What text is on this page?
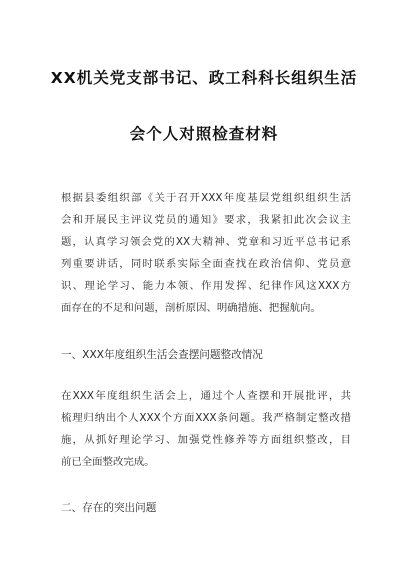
XX机关党支部书记、政工科科长组织生活
会个人对照检查材料
根据县委组织部《关于召开XXX年度基层党组织组织生活
会和开展民主评议党员的通知》要求，我紧扣此次会议主
题，认真学习领会党的XX大精神、党章和习近平总书记系
列重要讲话，同时联系实际全面查找在政治信仰、党员意
识、理论学习、能力本领、作用发挥、纪律作风这XXX方
面存在的不足和问题，剖析原因、明确措施、把握航向。
一、XXX年度组织生活会查摆问题整改情况
在XXX年度组织生活会上，通过个人查摆和开展批评，共
梳理归纳出个人XXX个方面XXX条问题。我严格制定整改措
施，从抓好理论学习、加强党性修养等方面组织整改，目
前已全面整改完成。
二、存在的突出问题
